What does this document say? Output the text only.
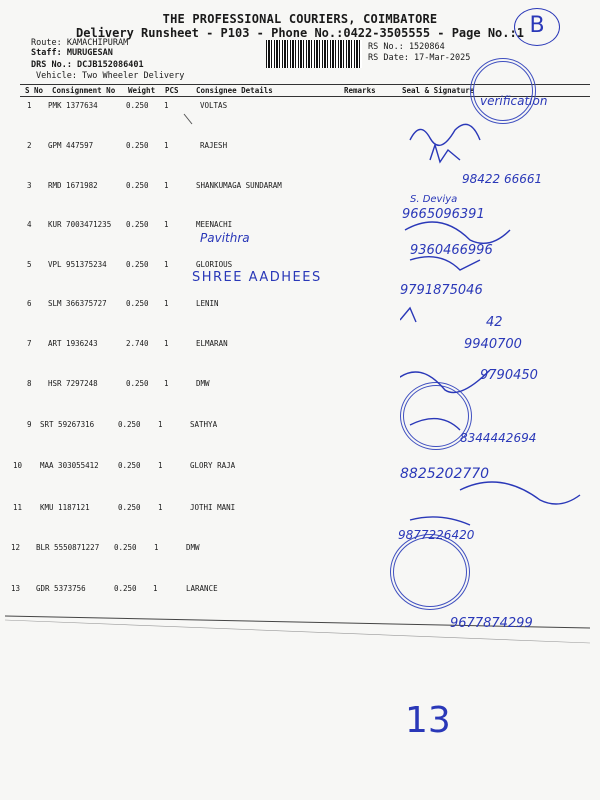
THE PROFESSIONAL COURIERS, COIMBATORE
Delivery Runsheet - P103 - Phone No.:0422-3505555 - Page No.:1
Route: KAMACHIPURAM
Staff: MURUGESAN
DRS No.: DCJB152086401
Vehicle: Two Wheeler Delivery
RS No.: 1520864
RS Date: 17-Mar-2025
B
S No Consignment No Weight PCS Consignee Details	Remarks	Seal & Signature
1 PMK 1377634	0.250 1	VOLTAS
2 GPM 447597	0.250 1	RAJESH
3 RMD 1671982	0.250 1	SHANKUMAGA SUNDARAM
4 KUR 7003471235 0.250 1	MEENACHI
5 VPL 951375234	0.250 1	GLORIOUS
6 SLM 366375727	0.250 1	LENIN
7 ART 1936243	2.740 1	ELMARAN
8 HSR 7297248	0.250 1	DMW
9 SRT 59267316	0.250 1	SATHYA
10 MAA 303055412	0.250 1	GLORY RAJA
11 KMU 1187121	0.250 1	JOTHI MANI
12 BLR 5550871227 0.250 1	DMW
13 GDR 5373756	0.250 1	LARANCE
verification
98422 66661
S. Deviya
9665096391
9360466996
Pavithra
SHREE AADHEES
9791875046
42
9940700
9790450
8344442694
8825202770
9877226420
9677874299
13
